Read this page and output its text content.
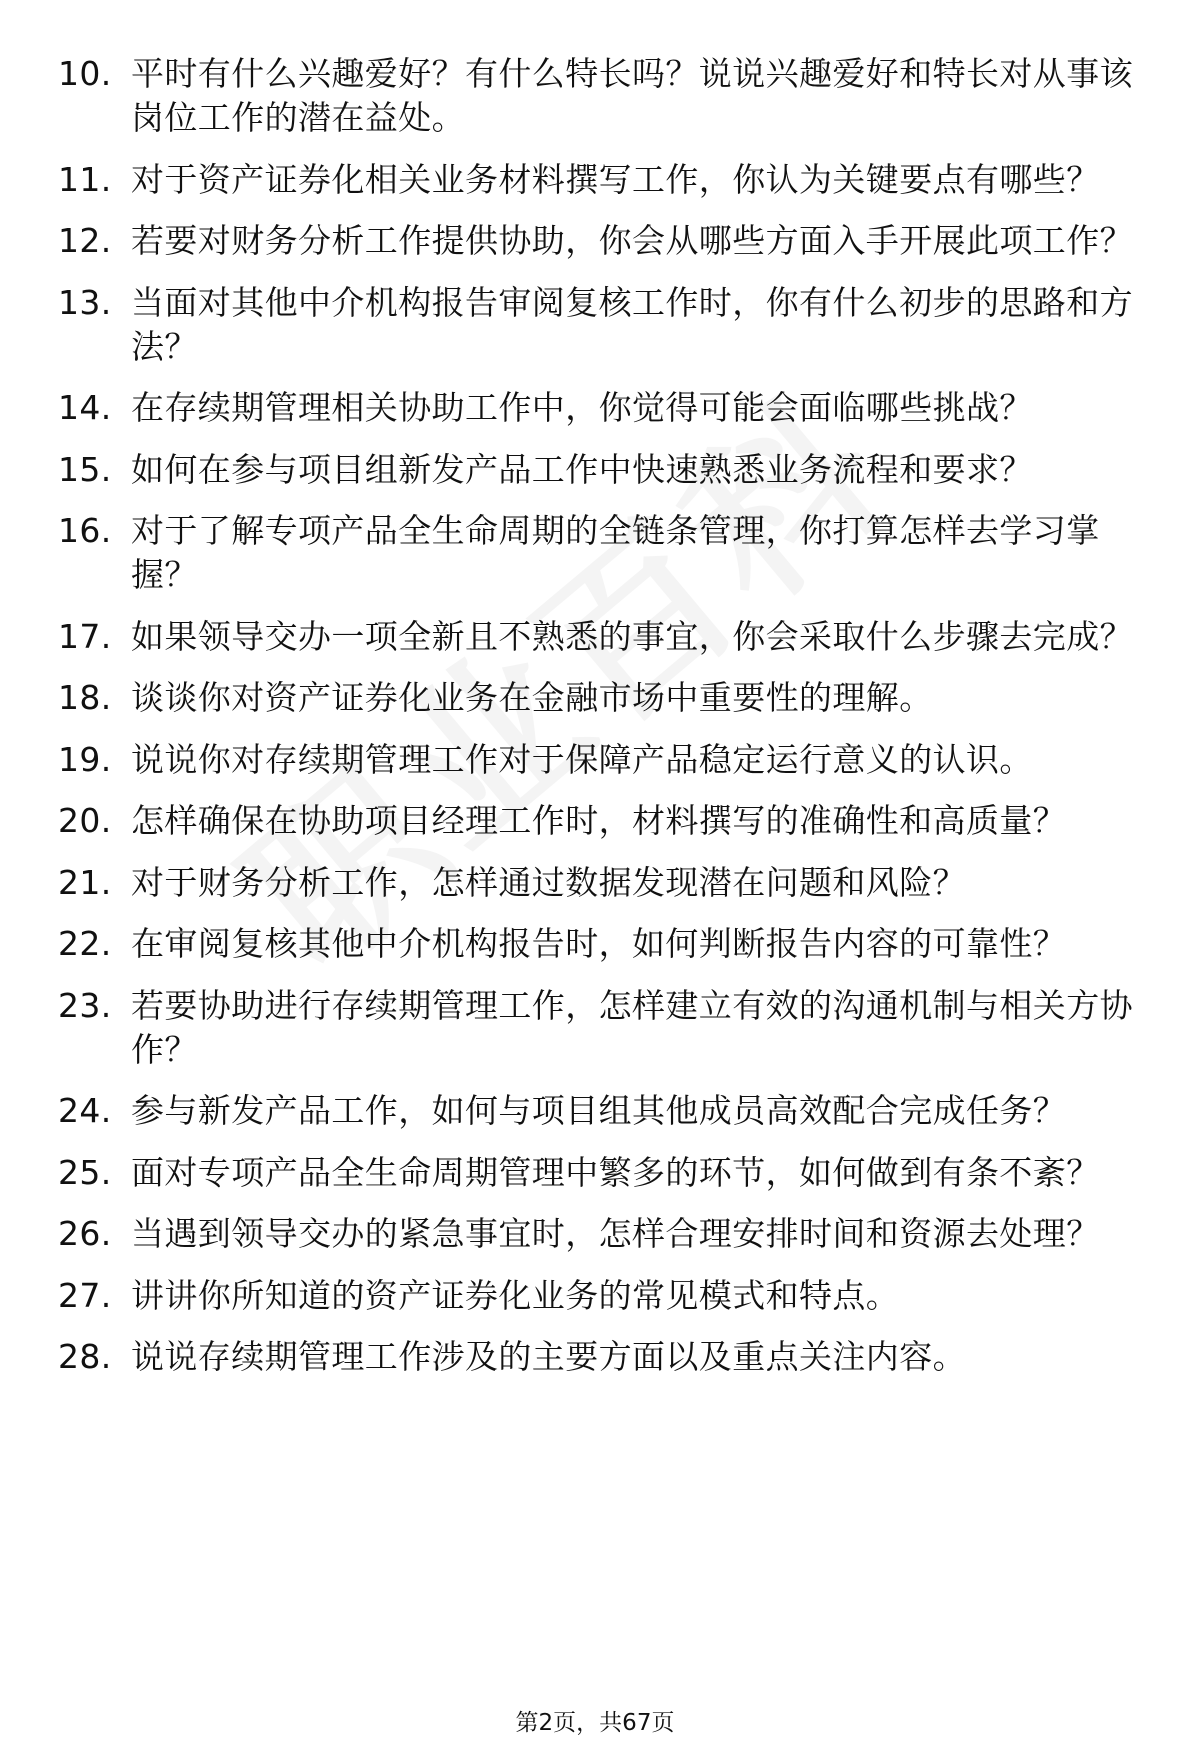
10. 平时有什么兴趣爱好？有什么特长吗？说说兴趣爱好和特长对从事该岗位工作的潜在益处。
11. 对于资产证券化相关业务材料撰写工作，你认为关键要点有哪些？
12. 若要对财务分析工作提供协助，你会从哪些方面入手开展此项工作？
13. 当面对其他中介机构报告审阅复核工作时，你有什么初步的思路和方法？
14. 在存续期管理相关协助工作中，你觉得可能会面临哪些挑战？
15. 如何在参与项目组新发产品工作中快速熟悉业务流程和要求？
16. 对于了解专项产品全生命周期的全链条管理，你打算怎样去学习掌握？
17. 如果领导交办一项全新且不熟悉的事宜，你会采取什么步骤去完成？
18. 谈谈你对资产证券化业务在金融市场中重要性的理解。
19. 说说你对存续期管理工作对于保障产品稳定运行意义的认识。
20. 怎样确保在协助项目经理工作时，材料撰写的准确性和高质量？
21. 对于财务分析工作，怎样通过数据发现潜在问题和风险？
22. 在审阅复核其他中介机构报告时，如何判断报告内容的可靠性？
23. 若要协助进行存续期管理工作，怎样建立有效的沟通机制与相关方协作？
24. 参与新发产品工作，如何与项目组其他成员高效配合完成任务？
25. 面对专项产品全生命周期管理中繁多的环节，如何做到有条不紊？
26. 当遇到领导交办的紧急事宜时，怎样合理安排时间和资源去处理？
27. 讲讲你所知道的资产证券化业务的常见模式和特点。
28. 说说存续期管理工作涉及的主要方面以及重点关注内容。
第2页，共67页
